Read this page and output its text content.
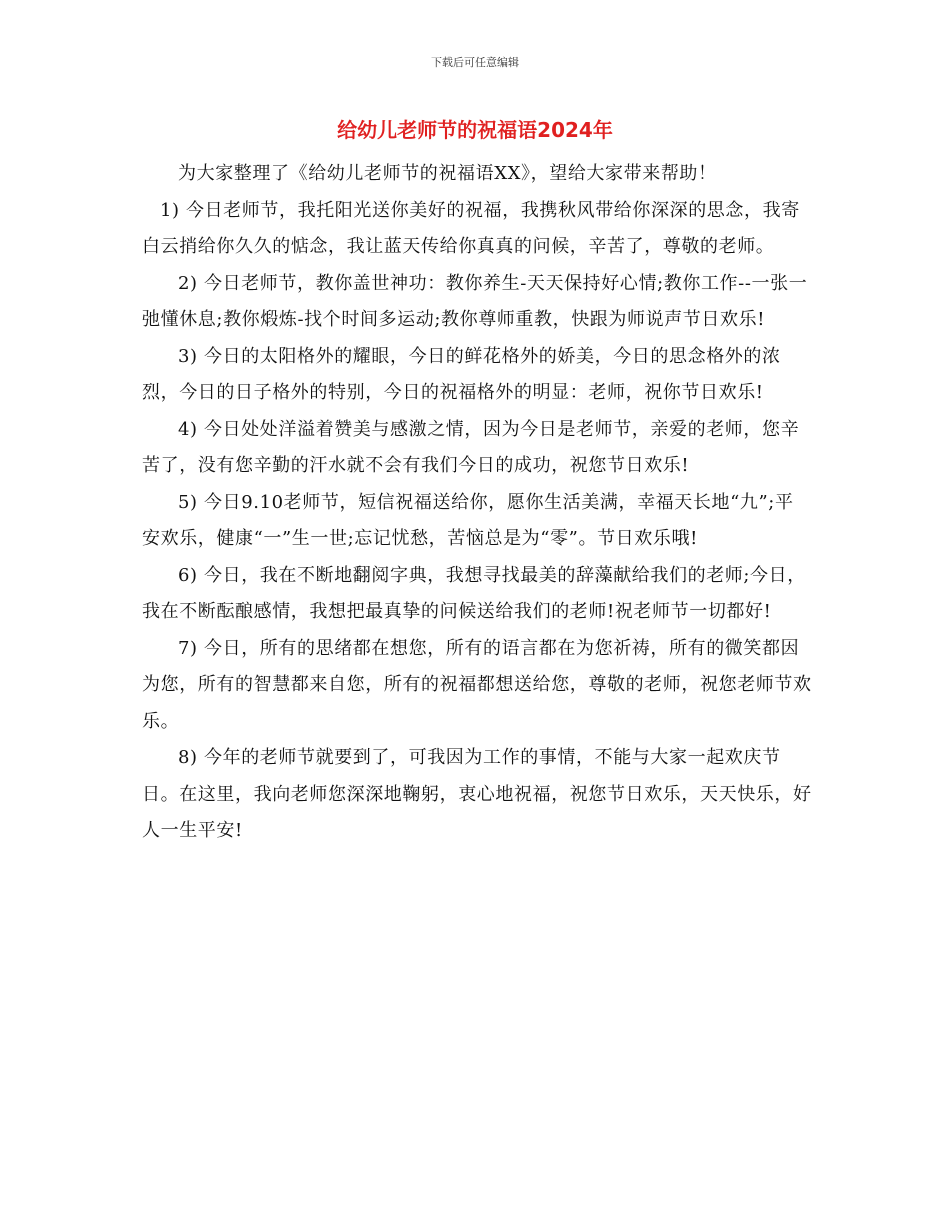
下载后可任意编辑
给幼儿老师节的祝福语2024年

为大家整理了《给幼儿老师节的祝福语XX》，望给大家带来帮助！

1) 今日老师节，我托阳光送你美好的祝福，我携秋风带给你深深的思念，我寄白云捎给你久久的惦念，我让蓝天传给你真真的问候，辛苦了，尊敬的老师。

2) 今日老师节，教你盖世神功：教你养生-天天保持好心情;教你工作--一张一弛懂休息;教你煅炼-找个时间多运动;教你尊师重教，快跟为师说声节日欢乐!

3) 今日的太阳格外的耀眼，今日的鲜花格外的娇美，今日的思念格外的浓烈，今日的日子格外的特别，今日的祝福格外的明显：老师，祝你节日欢乐!

4) 今日处处洋溢着赞美与感激之情，因为今日是老师节，亲爱的老师，您辛苦了，没有您辛勤的汗水就不会有我们今日的成功，祝您节日欢乐!

5) 今日9.10老师节，短信祝福送给你，愿你生活美满，幸福天长地“九”;平安欢乐，健康“一”生一世;忘记忧愁，苦恼总是为“零”。节日欢乐哦!

6) 今日，我在不断地翻阅字典，我想寻找最美的辞藻献给我们的老师;今日，我在不断酝酿感情，我想把最真挚的问候送给我们的老师!祝老师节一切都好!

7) 今日，所有的思绪都在想您，所有的语言都在为您祈祷，所有的微笑都因为您，所有的智慧都来自您，所有的祝福都想送给您，尊敬的老师，祝您老师节欢乐。

8) 今年的老师节就要到了，可我因为工作的事情，不能与大家一起欢庆节日。在这里，我向老师您深深地鞠躬，衷心地祝福，祝您节日欢乐，天天快乐，好人一生平安!
